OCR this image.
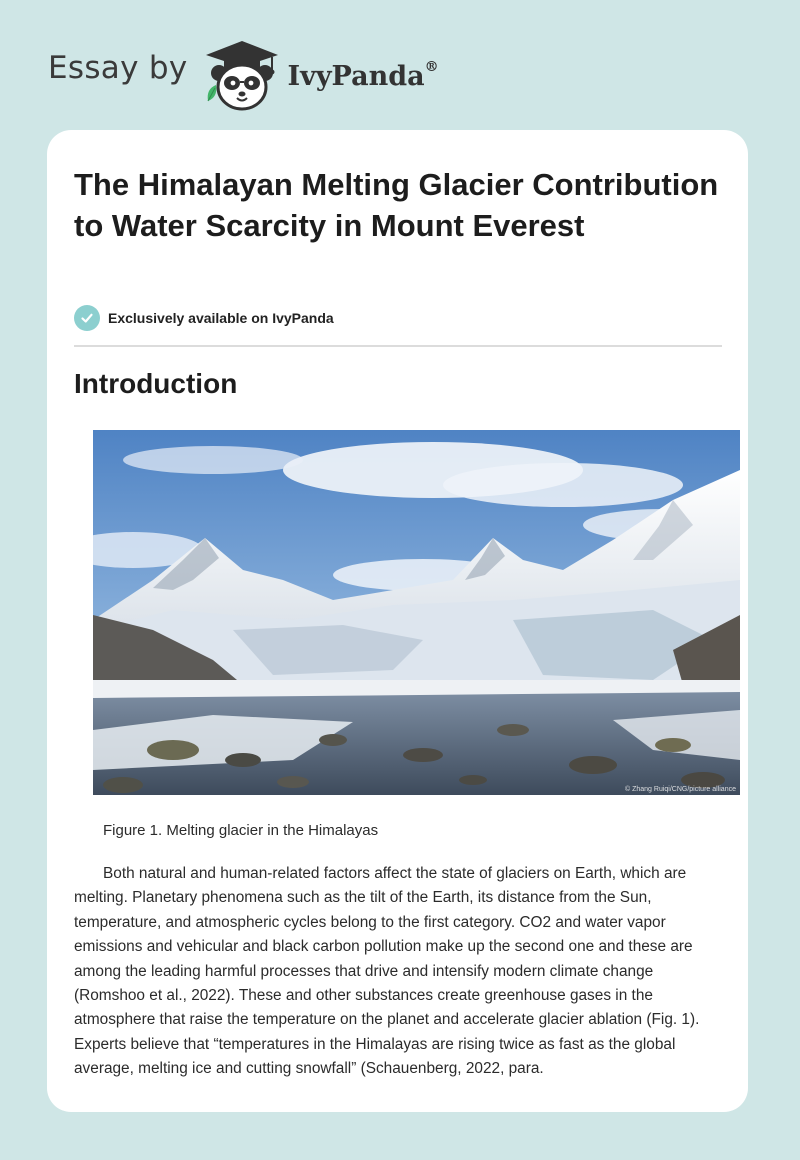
Essay by	IvyPanda®
The Himalayan Melting Glacier Contribution to Water Scarcity in Mount Everest
Exclusively available on IvyPanda
Introduction
© Zhang Ruiqi/CNG/picture alliance
Figure 1. Melting glacier in the Himalayas

Both natural and human-related factors affect the state of glaciers on Earth, which are melting. Planetary phenomena such as the tilt of the Earth, its distance from the Sun, temperature, and atmospheric cycles belong to the first category. CO2 and water vapor emissions and vehicular and black carbon pollution make up the second one and these are among the leading harmful processes that drive and intensify modern climate change (Romshoo et al., 2022). These and other substances create greenhouse gases in the atmosphere that raise the temperature on the planet and accelerate glacier ablation (Fig. 1). Experts believe that “temperatures in the Himalayas are rising twice as fast as the global average, melting ice and cutting snowfall” (Schauenberg, 2022, para.
